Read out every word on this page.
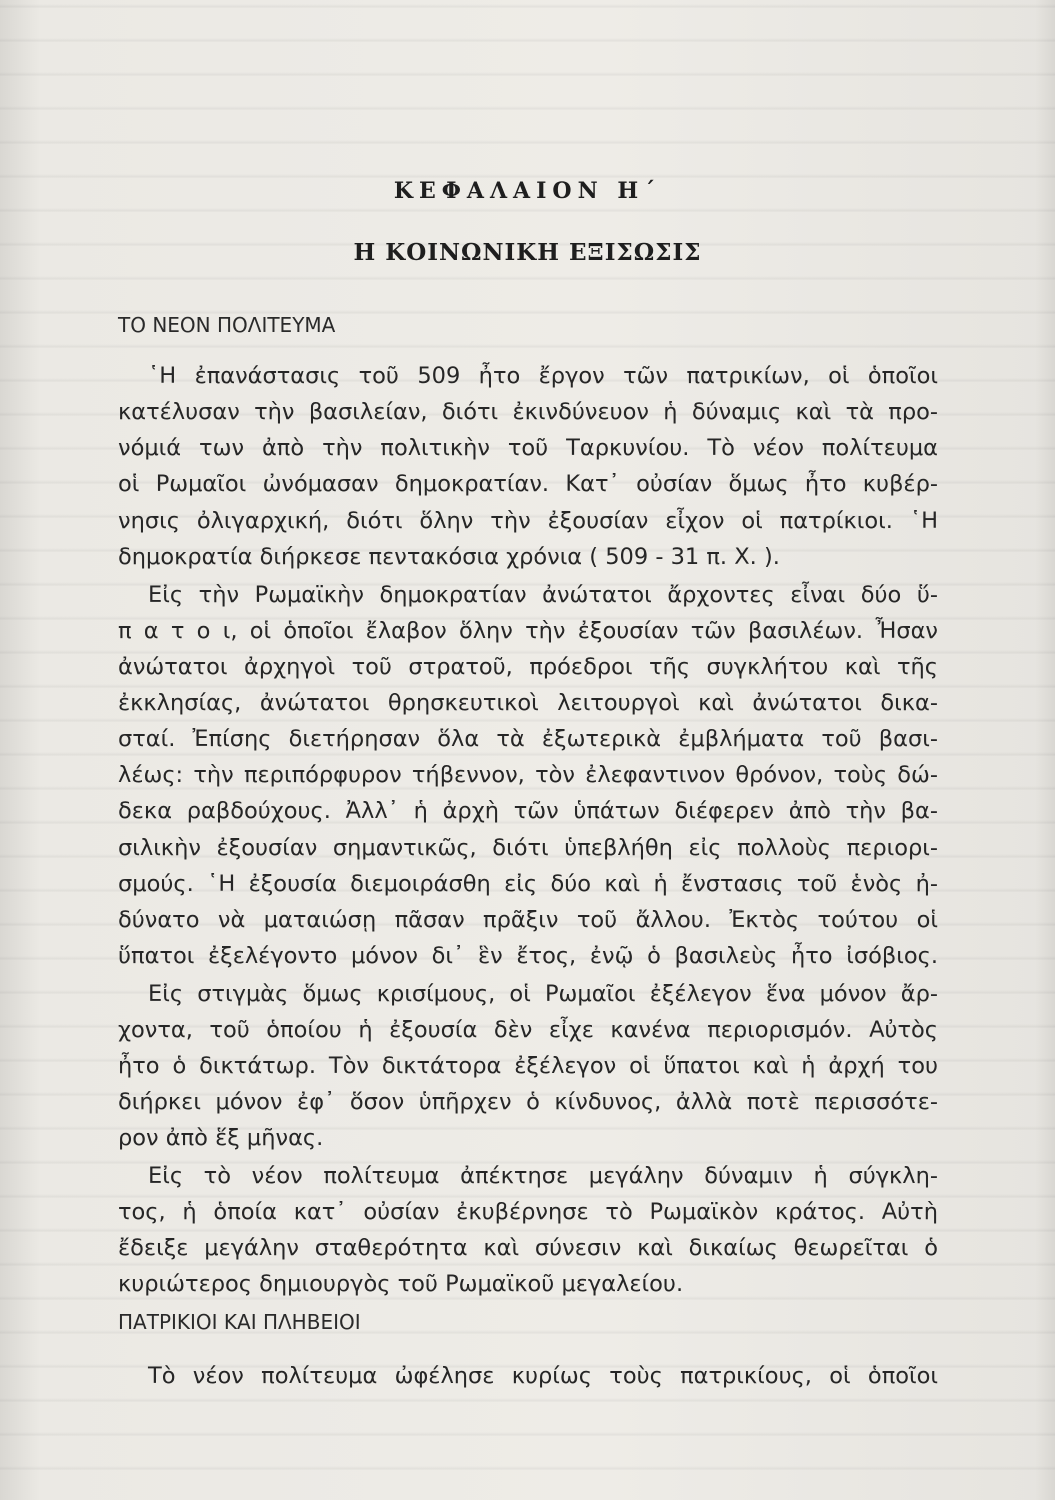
ΚΕΦΑΛΑΙΟΝ Η΄
Η ΚΟΙΝΩΝΙΚΗ ΕΞΙΣΩΣΙΣ
ΤΟ ΝΕΟΝ ΠΟΛΙΤΕΥΜΑ
῾Η ἐπανάστασις τοῦ 509 ἦτο ἔργον τῶν πατρικίων, οἱ ὁποῖοι
κατέλυσαν τὴν βασιλείαν, διότι ἐκινδύνευον ἡ δύναμις καὶ τὰ προ-
νόμιά των ἀπὸ τὴν πολιτικὴν τοῦ Ταρκυνίου. Τὸ νέον πολίτευμα
οἱ Ρωμαῖοι ὠνόμασαν δημοκρατίαν. Κατ᾽ οὐσίαν ὅμως ἦτο κυβέρ-
νησις ὀλιγαρχική, διότι ὅλην τὴν ἐξουσίαν εἶχον οἱ πατρίκιοι. ῾Η
δημοκρατία διήρκεσε πεντακόσια χρόνια ( 509 - 31 π. Χ. ).
Εἰς τὴν Ρωμαϊκὴν δημοκρατίαν ἀνώτατοι ἄρχοντες εἶναι δύο ὕ-
π α τ ο ι, οἱ ὁποῖοι ἔλαβον ὅλην τὴν ἐξουσίαν τῶν βασιλέων. Ἦσαν
ἀνώτατοι ἀρχηγοὶ τοῦ στρατοῦ, πρόεδροι τῆς συγκλήτου καὶ τῆς
ἐκκλησίας, ἀνώτατοι θρησκευτικοὶ λειτουργοὶ καὶ ἀνώτατοι δικα-
σταί. Ἐπίσης διετήρησαν ὅλα τὰ ἐξωτερικὰ ἐμβλήματα τοῦ βασι-
λέως: τὴν περιπόρφυρον τήβεννον, τὸν ἐλεφαντινον θρόνον, τοὺς δώ-
δεκα ραβδούχους. Ἀλλ᾽ ἡ ἀρχὴ τῶν ὑπάτων διέφερεν ἀπὸ τὴν βα-
σιλικὴν ἐξουσίαν σημαντικῶς, διότι ὑπεβλήθη εἰς πολλοὺς περιορι-
σμούς. ῾Η ἐξουσία διεμοιράσθη εἰς δύο καὶ ἡ ἔνστασις τοῦ ἑνὸς ἠ-
δύνατο νὰ ματαιώσῃ πᾶσαν πρᾶξιν τοῦ ἄλλου. Ἐκτὸς τούτου οἱ
ὕπατοι ἐξελέγοντο μόνον δι᾽ ἓν ἔτος, ἐνῷ ὁ βασιλεὺς ἦτο ἰσόβιος.
Εἰς στιγμὰς ὅμως κρισίμους, οἱ Ρωμαῖοι ἐξέλεγον ἕνα μόνον ἄρ-
χοντα, τοῦ ὁποίου ἡ ἐξουσία δὲν εἶχε κανένα περιορισμόν. Αὐτὸς
ἦτο ὁ δικτάτωρ. Τὸν δικτάτορα ἐξέλεγον οἱ ὕπατοι καὶ ἡ ἀρχή του
διήρκει μόνον ἐφ᾽ ὅσον ὑπῆρχεν ὁ κίνδυνος, ἀλλὰ ποτὲ περισσότε-
ρον ἀπὸ ἕξ μῆνας.
Εἰς τὸ νέον πολίτευμα ἀπέκτησε μεγάλην δύναμιν ἡ σύγκλη-
τος, ἡ ὁποία κατ᾽ οὐσίαν ἐκυβέρνησε τὸ Ρωμαϊκὸν κράτος. Αὐτὴ
ἔδειξε μεγάλην σταθερότητα καὶ σύνεσιν καὶ δικαίως θεωρεῖται ὁ
κυριώτερος δημιουργὸς τοῦ Ρωμαϊκοῦ μεγαλείου.
ΠΑΤΡΙΚΙΟΙ ΚΑΙ ΠΛΗΒΕΙΟΙ
Τὸ νέον πολίτευμα ὠφέλησε κυρίως τοὺς πατρικίους, οἱ ὁποῖοι
